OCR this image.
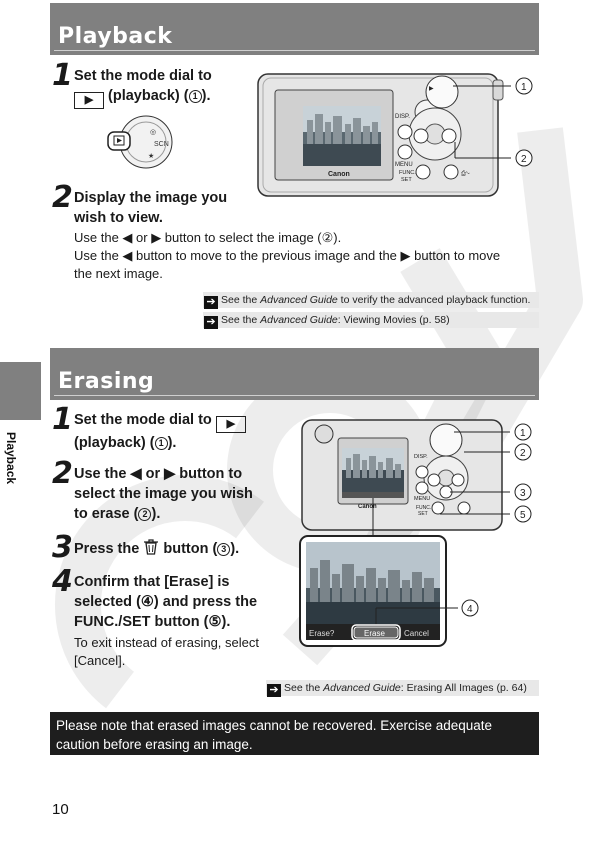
Playback
1 Set the mode dial to
▶ (playback) ( 1 ).
◎
SCN
★
Canon
▶
DISP.
MENU
FUNC.
SET
⎙∿
1
2
2 Display the image you
wish to view.
Use the ◀ or ▶ button to select the image (②).
Use the ◀ button to move to the previous image and the ▶ button to move
the next image.
➔ See the Advanced Guide to verify the advanced playback function.
➔ See the Advanced Guide: Viewing Movies (p. 58)
Playback
Erasing
1 Set the mode dial to ▶
(playback) ( 1 ).
2 Use the ◀ or ▶ button to
select the image you wish
to erase ( 2 ).
3 Press the button ( 3 ).
4 Confirm that [Erase] is
selected (④) and press the
FUNC./SET button (⑤).
To exit instead of erasing, select
[Cancel].
Canon
DISP.
MENU
FUNC.
SET
1
2
3
5
Erase?	Erase Cancel
4
➔ See the Advanced Guide: Erasing All Images (p. 64)
Please note that erased images cannot be recovered. Exercise adequate caution before erasing an image.
10
